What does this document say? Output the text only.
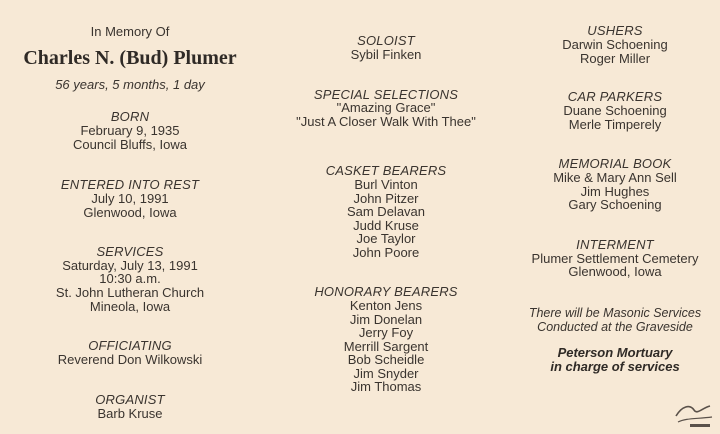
In Memory Of
Charles N. (Bud) Plumer
56 years, 5 months, 1 day
BORN
February 9, 1935
Council Bluffs, Iowa
ENTERED INTO REST
July 10, 1991
Glenwood, Iowa
SERVICES
Saturday, July 13, 1991
10:30 a.m.
St. John Lutheran Church
Mineola, Iowa
OFFICIATING
Reverend Don Wilkowski
ORGANIST
Barb Kruse
SOLOIST
Sybil Finken
SPECIAL SELECTIONS
"Amazing Grace"
"Just A Closer Walk With Thee"
CASKET BEARERS
Burl Vinton
John Pitzer
Sam Delavan
Judd Kruse
Joe Taylor
John Poore
HONORARY BEARERS
Kenton Jens
Jim Donelan
Jerry Foy
Merrill Sargent
Bob Scheidle
Jim Snyder
Jim Thomas
USHERS
Darwin Schoening
Roger Miller
CAR PARKERS
Duane Schoening
Merle Timperely
MEMORIAL BOOK
Mike & Mary Ann Sell
Jim Hughes
Gary Schoening
INTERMENT
Plumer Settlement Cemetery
Glenwood, Iowa
There will be Masonic Services
Conducted at the Graveside
Peterson Mortuary
in charge of services
